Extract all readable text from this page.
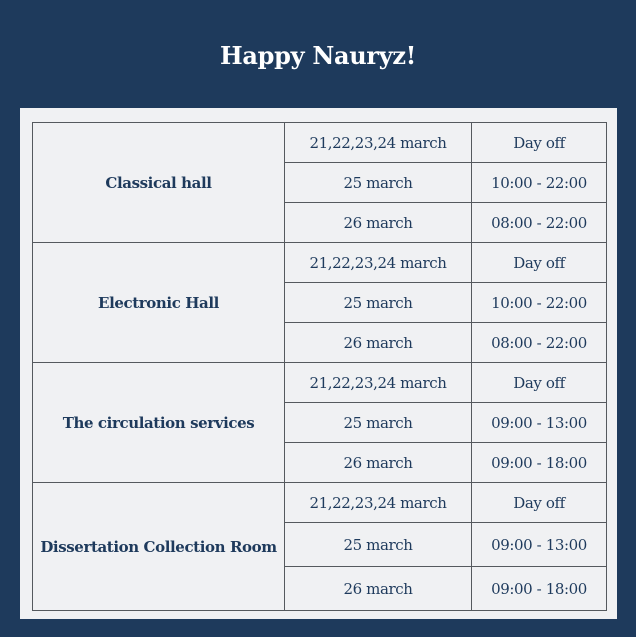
Happy Nauryz!
Classical hall	21,22,23,24 march	Day off
	25 march	10:00 - 22:00
	26 march	08:00 - 22:00
Electronic Hall	21,22,23,24 march	Day off
	25 march	10:00 - 22:00
	26 march	08:00 - 22:00
The circulation services	21,22,23,24 march	Day off
	25 march	09:00 - 13:00
	26 march	09:00 - 18:00
Dissertation Collection Room	21,22,23,24 march	Day off
	25 march	09:00 - 13:00
	26 march	09:00 - 18:00
